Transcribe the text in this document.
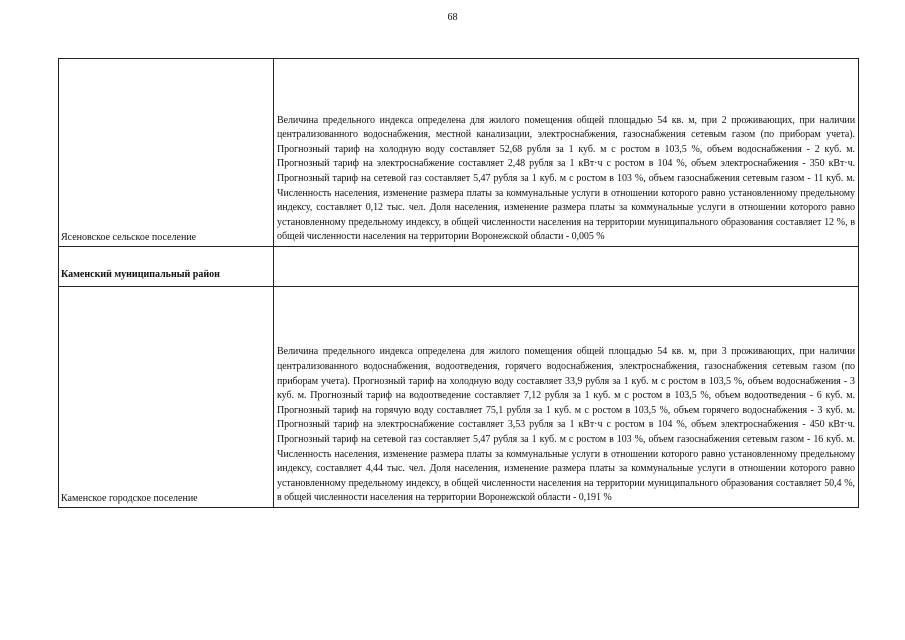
68
Ясеновское сельское поселение	Величина предельного индекса определена для жилого помещения общей площадью 54 кв. м, при 2 проживающих, при наличии централизованного водоснабжения, местной канализации, электроснабжения, газоснабжения сетевым газом (по приборам учета). Прогнозный тариф на холодную воду составляет 52,68 рубля за 1 куб. м с ростом в 103,5 %, объем водоснабжения - 2 куб. м. Прогнозный тариф на электроснабжение составляет 2,48 рубля за 1 кВт·ч с ростом в 104 %, объем электроснабжения - 350 кВт·ч. Прогнозный тариф на сетевой газ составляет 5,47 рубля за 1 куб. м с ростом в 103 %, объем газоснабжения сетевым газом - 11 куб. м. Численность населения, изменение размера платы за коммунальные услуги в отношении которого равно установленному предельному индексу, составляет 0,12 тыс. чел. Доля населения, изменение размера платы за коммунальные услуги в отношении которого равно установленному предельному индексу, в общей численности населения на территории муниципального образования составляет 12 %, в общей численности населения на территории Воронежской области - 0,005 %
Каменский муниципальный район	
Каменское городское поселение	Величина предельного индекса определена для жилого помещения общей площадью 54 кв. м, при 3 проживающих, при наличии централизованного водоснабжения, водоотведения, горячего водоснабжения, электроснабжения, газоснабжения сетевым газом (по приборам учета). Прогнозный тариф на холодную воду составляет 33,9 рубля за 1 куб. м с ростом в 103,5 %, объем водоснабжения - 3 куб. м. Прогнозный тариф на водоотведение составляет 7,12 рубля за 1 куб. м с ростом в 103,5 %, объем водоотведения - 6 куб. м. Прогнозный тариф на горячую воду составляет 75,1 рубля за 1 куб. м с ростом в 103,5 %, объем горячего водоснабжения - 3 куб. м. Прогнозный тариф на электроснабжение составляет 3,53 рубля за 1 кВт·ч с ростом в 104 %, объем электроснабжения - 450 кВт·ч. Прогнозный тариф на сетевой газ составляет 5,47 рубля за 1 куб. м с ростом в 103 %, объем газоснабжения сетевым газом - 16 куб. м. Численность населения, изменение размера платы за коммунальные услуги в отношении которого равно установленному предельному индексу, составляет 4,44 тыс. чел. Доля населения, изменение размера платы за коммунальные услуги в отношении которого равно установленному предельному индексу, в общей численности населения на территории муниципального образования составляет 50,4 %, в общей численности населения на территории Воронежской области - 0,191 %
